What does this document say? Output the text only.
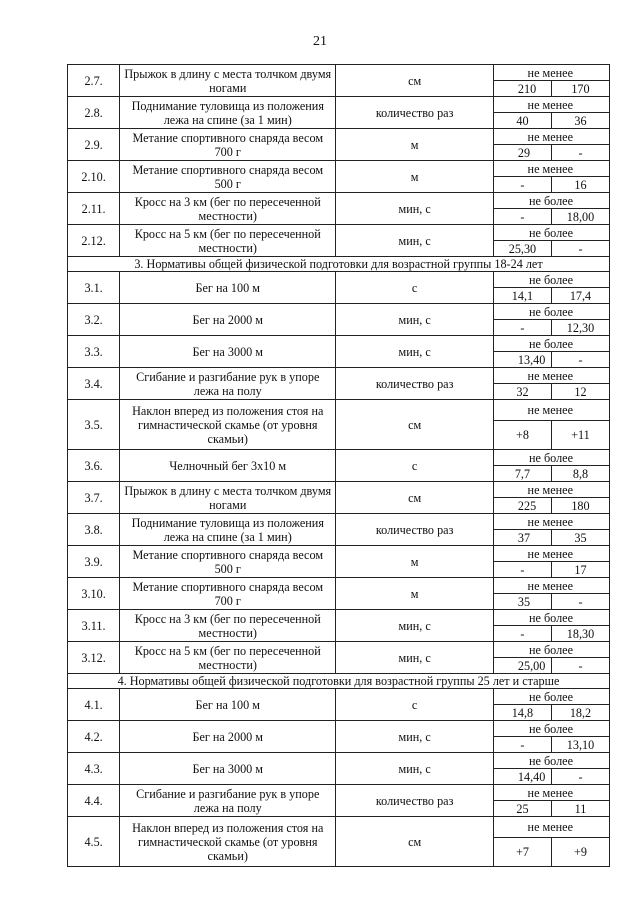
21
2.7.	Прыжок в длину с места толчком двумя ногами	см	не менее	
			210	170
2.8.	Поднимание туловища из положения лежа на спине (за 1 мин)	количество раз	не менее	
			40	36
2.9.	Метание спортивного снаряда весом 700 г	м	не менее	
			29	-
2.10.	Метание спортивного снаряда весом 500 г	м	не менее	
			-	16
2.11.	Кросс на 3 км (бег по пересеченной местности)	мин, с	не более	
			-	18,00
2.12.	Кросс на 5 км (бег по пересеченной местности)	мин, с	не более	
			25,30	-
3. Нормативы общей физической подготовки для возрастной группы 18-24 лет				
3.1.	Бег на 100 м	с	не более	
			14,1	17,4
3.2.	Бег на 2000 м	мин, с	не более	
			-	12,30
3.3.	Бег на 3000 м	мин, с	не более	
			13,40	-
3.4.	Сгибание и разгибание рук в упоре лежа на полу	количество раз	не менее	
			32	12
3.5.	Наклон вперед из положения стоя на гимнастической скамье (от уровня скамьи)	см	не менее	
			+8	+11
3.6.	Челночный бег 3х10 м	с	не более	
			7,7	8,8
3.7.	Прыжок в длину с места толчком двумя ногами	см	не менее	
			225	180
3.8.	Поднимание туловища из положения лежа на спине (за 1 мин)	количество раз	не менее	
			37	35
3.9.	Метание спортивного снаряда весом 500 г	м	не менее	
			-	17
3.10.	Метание спортивного снаряда весом 700 г	м	не менее	
			35	-
3.11.	Кросс на 3 км (бег по пересеченной местности)	мин, с	не более	
			-	18,30
3.12.	Кросс на 5 км (бег по пересеченной местности)	мин, с	не более	
			25,00	-
4. Нормативы общей физической подготовки для возрастной группы 25 лет и старше				
4.1.	Бег на 100 м	с	не более	
			14,8	18,2
4.2.	Бег на 2000 м	мин, с	не более	
			-	13,10
4.3.	Бег на 3000 м	мин, с	не более	
			14,40	-
4.4.	Сгибание и разгибание рук в упоре лежа на полу	количество раз	не менее	
			25	11
4.5.	Наклон вперед из положения стоя на гимнастической скамье (от уровня скамьи)	см	не менее	
			+7	+9
